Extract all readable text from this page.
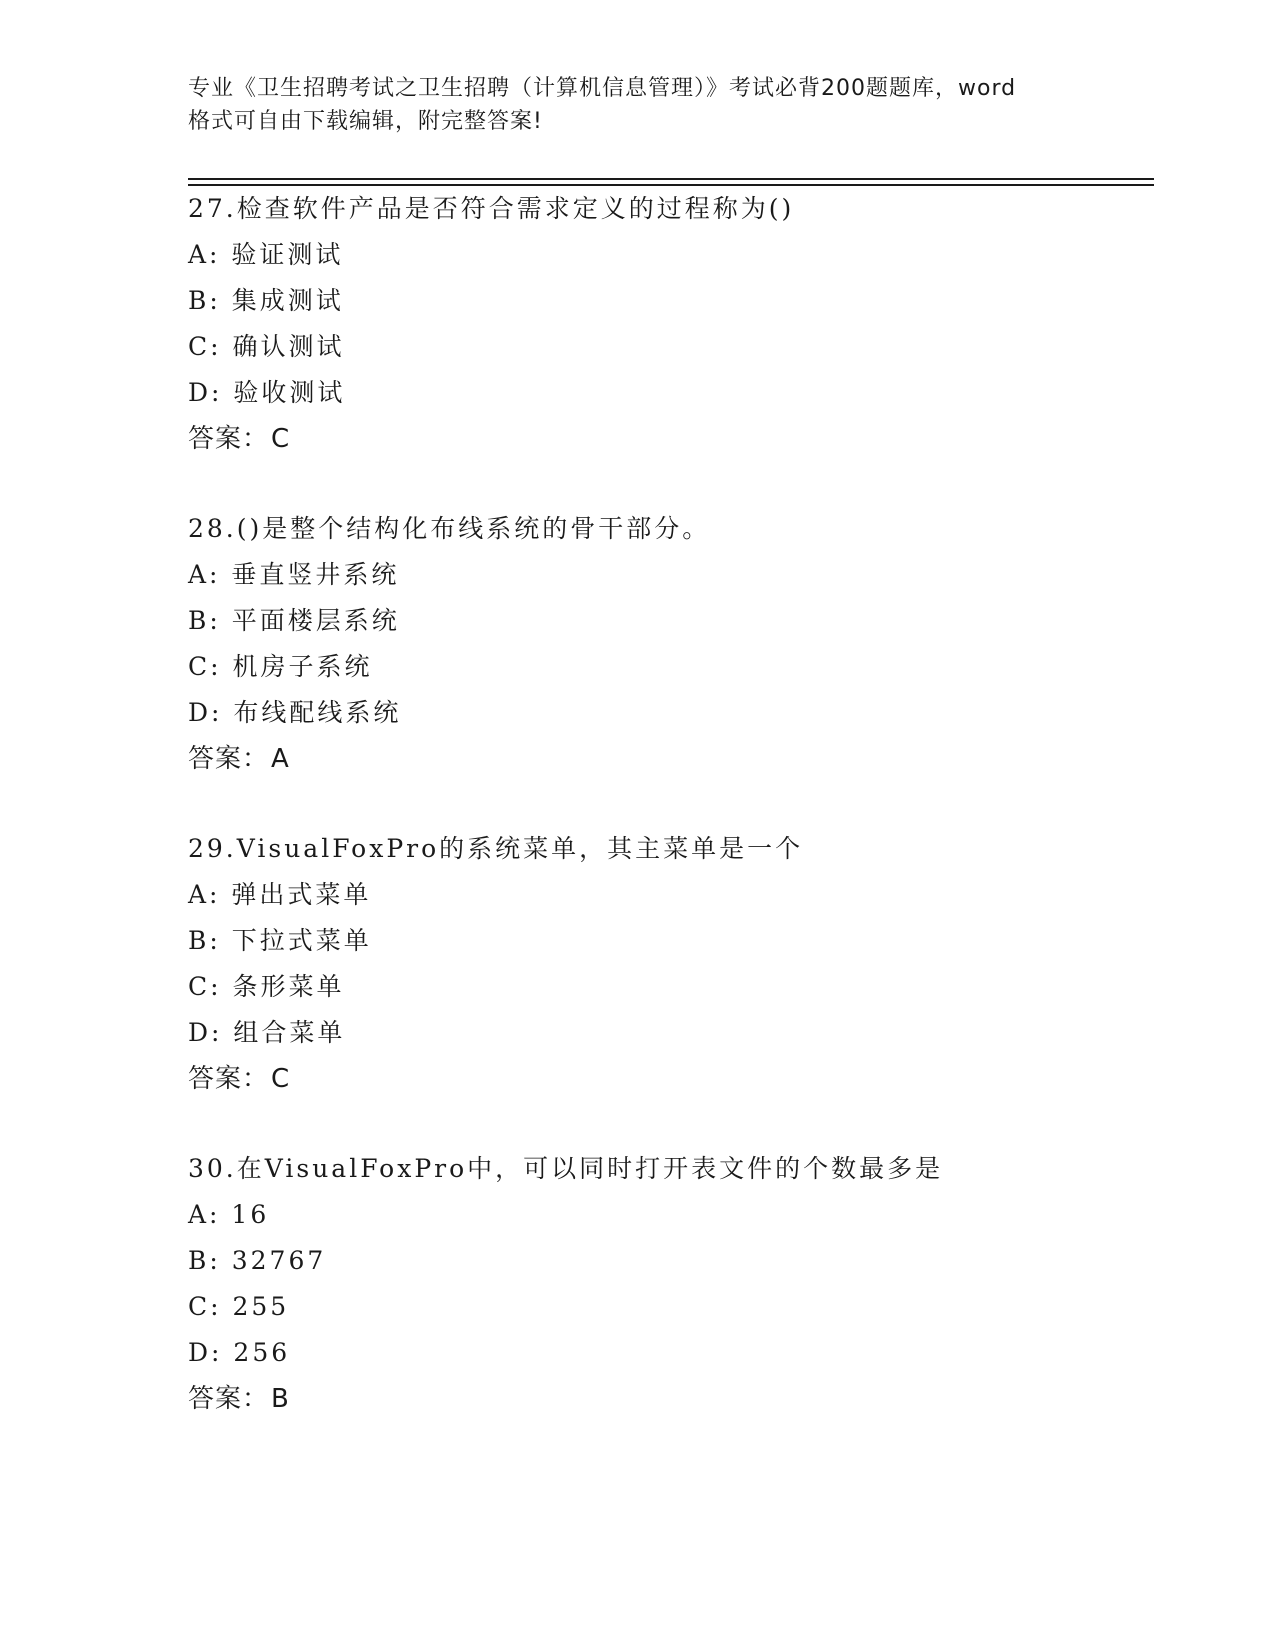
专业《卫生招聘考试之卫生招聘（计算机信息管理）》考试必背200题题库，word
格式可自由下载编辑，附完整答案!
27.检查软件产品是否符合需求定义的过程称为()
A: 验证测试
B: 集成测试
C: 确认测试
D: 验收测试
答案：C
28.()是整个结构化布线系统的骨干部分。
A: 垂直竖井系统
B: 平面楼层系统
C: 机房子系统
D: 布线配线系统
答案：A
29.VisualFoxPro的系统菜单，其主菜单是一个
A: 弹出式菜单
B: 下拉式菜单
C: 条形菜单
D: 组合菜单
答案：C
30.在VisualFoxPro中，可以同时打开表文件的个数最多是
A: 16
B: 32767
C: 255
D: 256
答案：B
